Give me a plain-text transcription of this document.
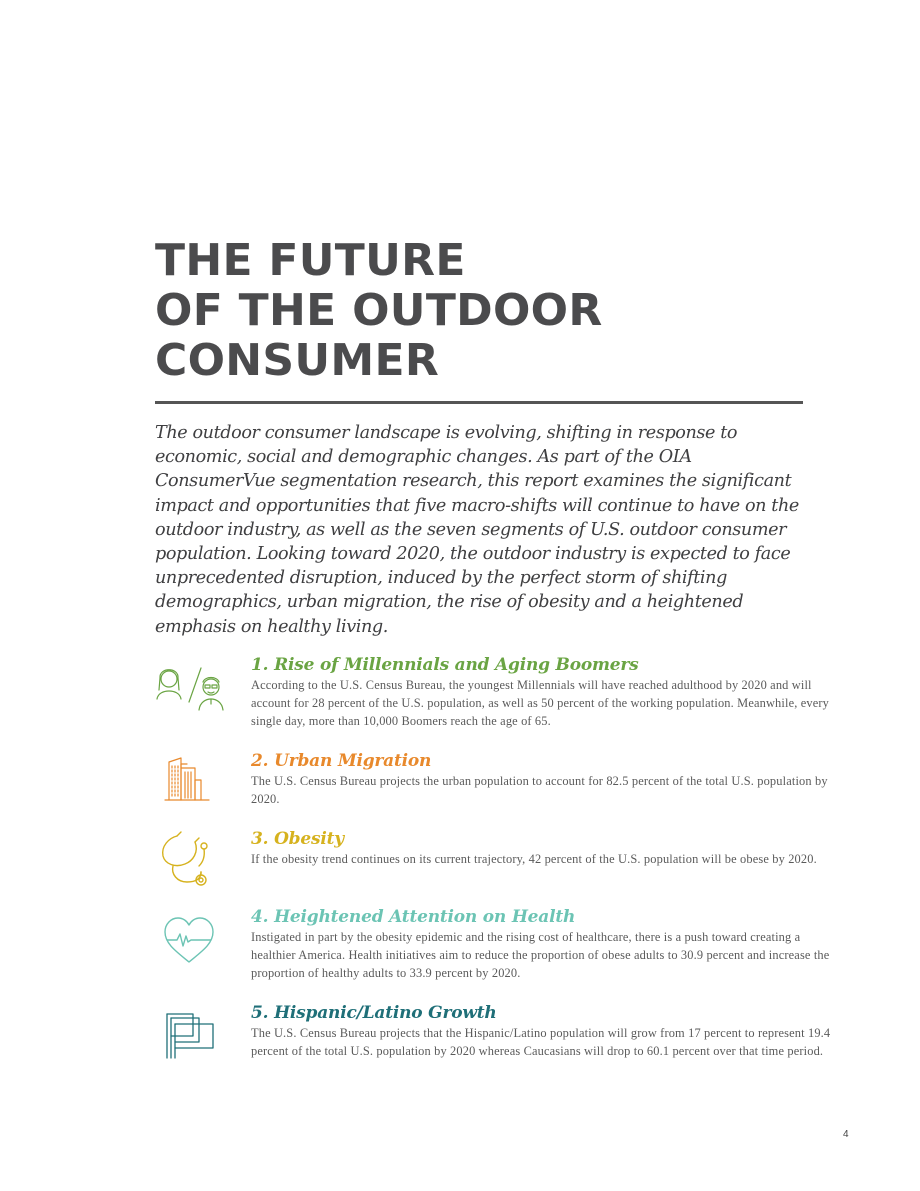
THE FUTURE
OF THE OUTDOOR
CONSUMER

The outdoor consumer landscape is evolving, shifting in response to economic, social and demographic changes. As part of the OIA ConsumerVue segmentation research, this report examines the significant impact and opportunities that five macro-shifts will continue to have on the outdoor industry, as well as the seven segments of U.S. outdoor consumer population. Looking toward 2020, the outdoor industry is expected to face unprecedented disruption, induced by the perfect storm of shifting demographics, urban migration, the rise of obesity and a heightened emphasis on healthy living.

1. Rise of Millennials and Aging Boomers

According to the U.S. Census Bureau, the youngest Millennials will have reached adulthood by 2020 and will account for 28 percent of the U.S. population, as well as 50 percent of the working population. Meanwhile, every single day, more than 10,000 Boomers reach the age of 65.

2. Urban Migration

The U.S. Census Bureau projects the urban population to account for 82.5 percent of the total U.S. population by 2020.

3. Obesity

If the obesity trend continues on its current trajectory, 42 percent of the U.S. population will be obese by 2020.

4. Heightened Attention on Health

Instigated in part by the obesity epidemic and the rising cost of healthcare, there is a push toward creating a healthier America. Health initiatives aim to reduce the proportion of obese adults to 30.9 percent and increase the proportion of healthy adults to 33.9 percent by 2020.

5. Hispanic/Latino Growth

The U.S. Census Bureau projects that the Hispanic/Latino population will grow from 17 percent to represent 19.4 percent of the total U.S. population by 2020 whereas Caucasians will drop to 60.1 percent over that time period.

4
